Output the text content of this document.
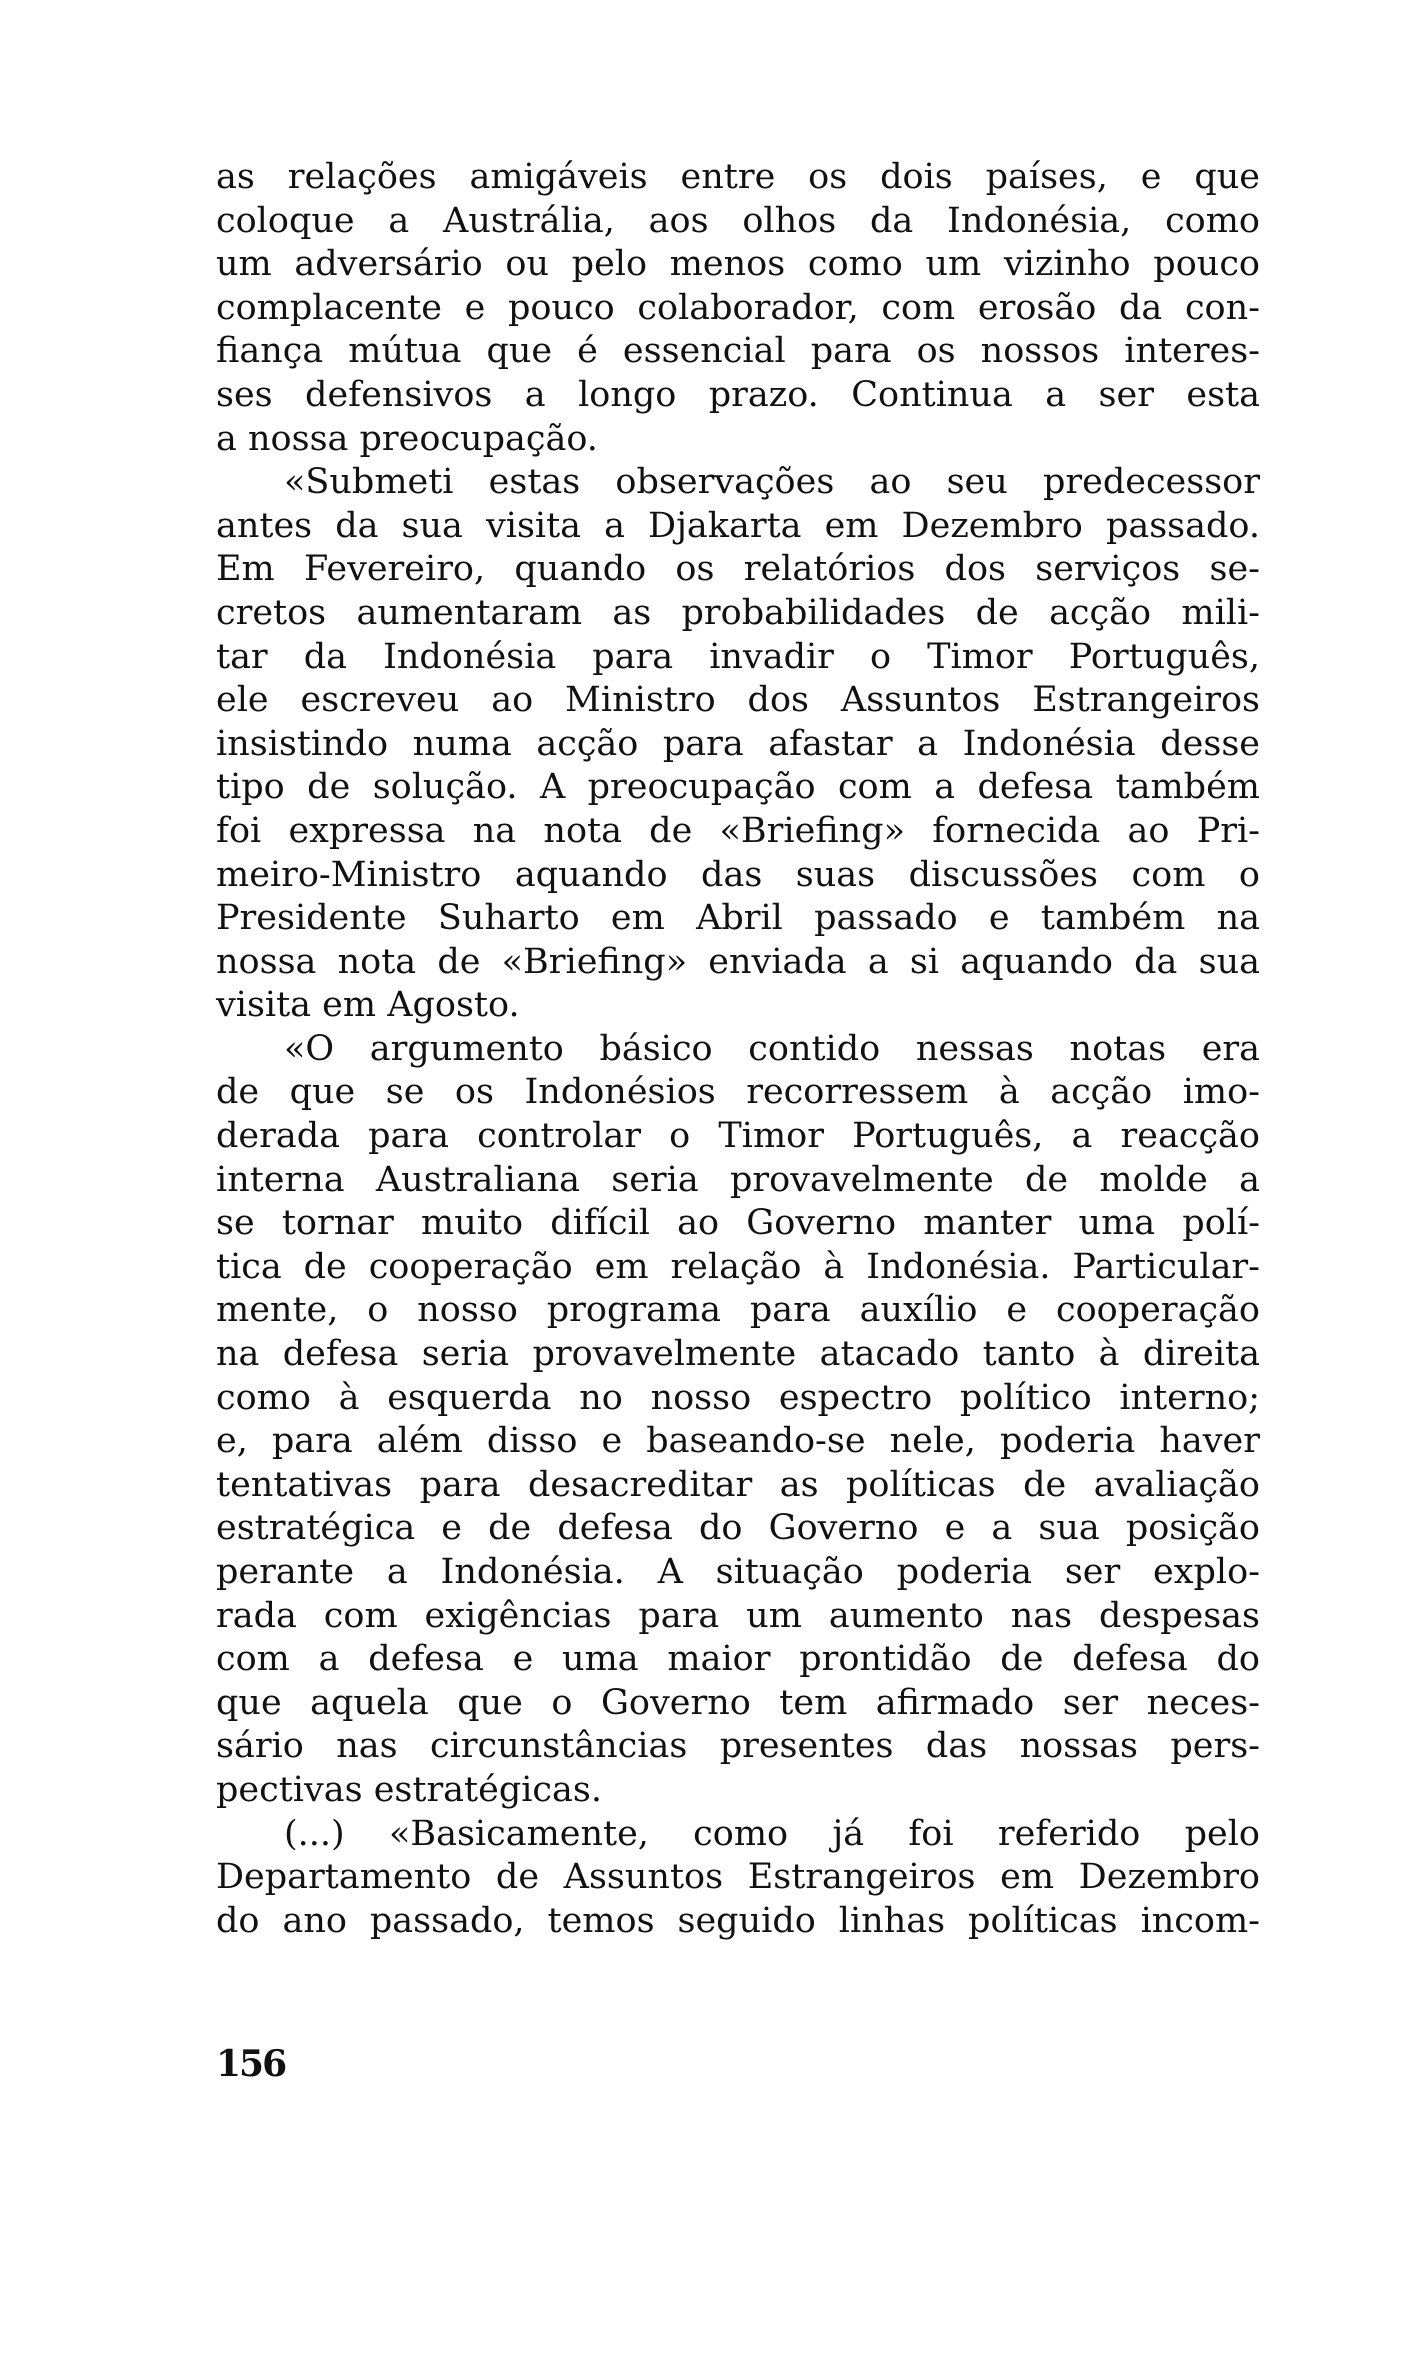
as relações amigáveis entre os dois países, e que
coloque a Austrália, aos olhos da Indonésia, como
um adversário ou pelo menos como um vizinho pouco
complacente e pouco colaborador, com erosão da con-
fiança mútua que é essencial para os nossos interes-
ses defensivos a longo prazo. Continua a ser esta
a nossa preocupação.
«Submeti estas observações ao seu predecessor
antes da sua visita a Djakarta em Dezembro passado.
Em Fevereiro, quando os relatórios dos serviços se-
cretos aumentaram as probabilidades de acção mili-
tar da Indonésia para invadir o Timor Português,
ele escreveu ao Ministro dos Assuntos Estrangeiros
insistindo numa acção para afastar a Indonésia desse
tipo de solução. A preocupação com a defesa também
foi expressa na nota de «Briefing» fornecida ao Pri-
meiro-Ministro aquando das suas discussões com o
Presidente Suharto em Abril passado e também na
nossa nota de «Briefing» enviada a si aquando da sua
visita em Agosto.
«O argumento básico contido nessas notas era
de que se os Indonésios recorressem à acção imo-
derada para controlar o Timor Português, a reacção
interna Australiana seria provavelmente de molde a
se tornar muito difícil ao Governo manter uma polí-
tica de cooperação em relação à Indonésia. Particular-
mente, o nosso programa para auxílio e cooperação
na defesa seria provavelmente atacado tanto à direita
como à esquerda no nosso espectro político interno;
e, para além disso e baseando-se nele, poderia haver
tentativas para desacreditar as políticas de avaliação
estratégica e de defesa do Governo e a sua posição
perante a Indonésia. A situação poderia ser explo-
rada com exigências para um aumento nas despesas
com a defesa e uma maior prontidão de defesa do
que aquela que o Governo tem afirmado ser neces-
sário nas circunstâncias presentes das nossas pers-
pectivas estratégicas.
(...) «Basicamente, como já foi referido pelo
Departamento de Assuntos Estrangeiros em Dezembro
do ano passado, temos seguido linhas políticas incom-
156
